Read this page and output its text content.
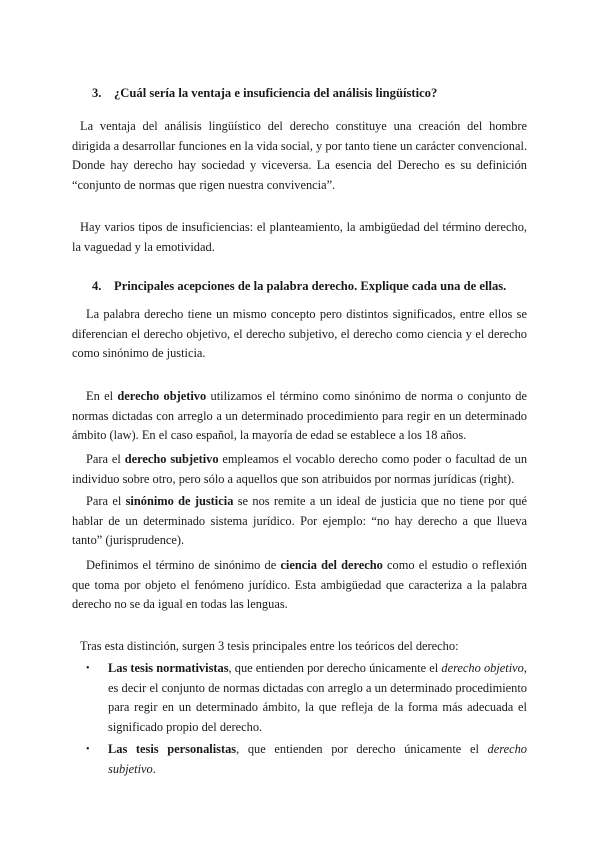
3. ¿Cuál sería la ventaja e insuficiencia del análisis lingüístico?

La ventaja del análisis lingüístico del derecho constituye una creación del hombre dirigida a desarrollar funciones en la vida social, y por tanto tiene un carácter convencional. Donde hay derecho hay sociedad y viceversa. La esencia del Derecho es su definición “conjunto de normas que rigen nuestra convivencia”.

Hay varios tipos de insuficiencias: el planteamiento, la ambigüedad del término derecho, la vaguedad y la emotividad.

4. Principales acepciones de la palabra derecho. Explique cada una de ellas.

La palabra derecho tiene un mismo concepto pero distintos significados, entre ellos se diferencian el derecho objetivo, el derecho subjetivo, el derecho como ciencia y el derecho como sinónimo de justicia.

En el derecho objetivo utilizamos el término como sinónimo de norma o conjunto de normas dictadas con arreglo a un determinado procedimiento para regir en un determinado ámbito (law). En el caso español, la mayoría de edad se establece a los 18 años.

Para el derecho subjetivo empleamos el vocablo derecho como poder o facultad de un individuo sobre otro, pero sólo a aquellos que son atribuidos por normas jurídicas (right).

Para el sinónimo de justicia se nos remite a un ideal de justicia que no tiene por qué hablar de un determinado sistema jurídico. Por ejemplo: “no hay derecho a que llueva tanto” (jurisprudence).

Definimos el término de sinónimo de ciencia del derecho como el estudio o reflexión que toma por objeto el fenómeno jurídico. Esta ambigüedad que caracteriza a la palabra derecho no se da igual en todas las lenguas.

Tras esta distinción, surgen 3 tesis principales entre los teóricos del derecho:

• Las tesis normativistas, que entienden por derecho únicamente el derecho objetivo, es decir el conjunto de normas dictadas con arreglo a un determinado procedimiento para regir en un determinado ámbito, la que refleja de la forma más adecuada el significado propio del derecho.
• Las tesis personalistas, que entienden por derecho únicamente el derecho subjetivo.
